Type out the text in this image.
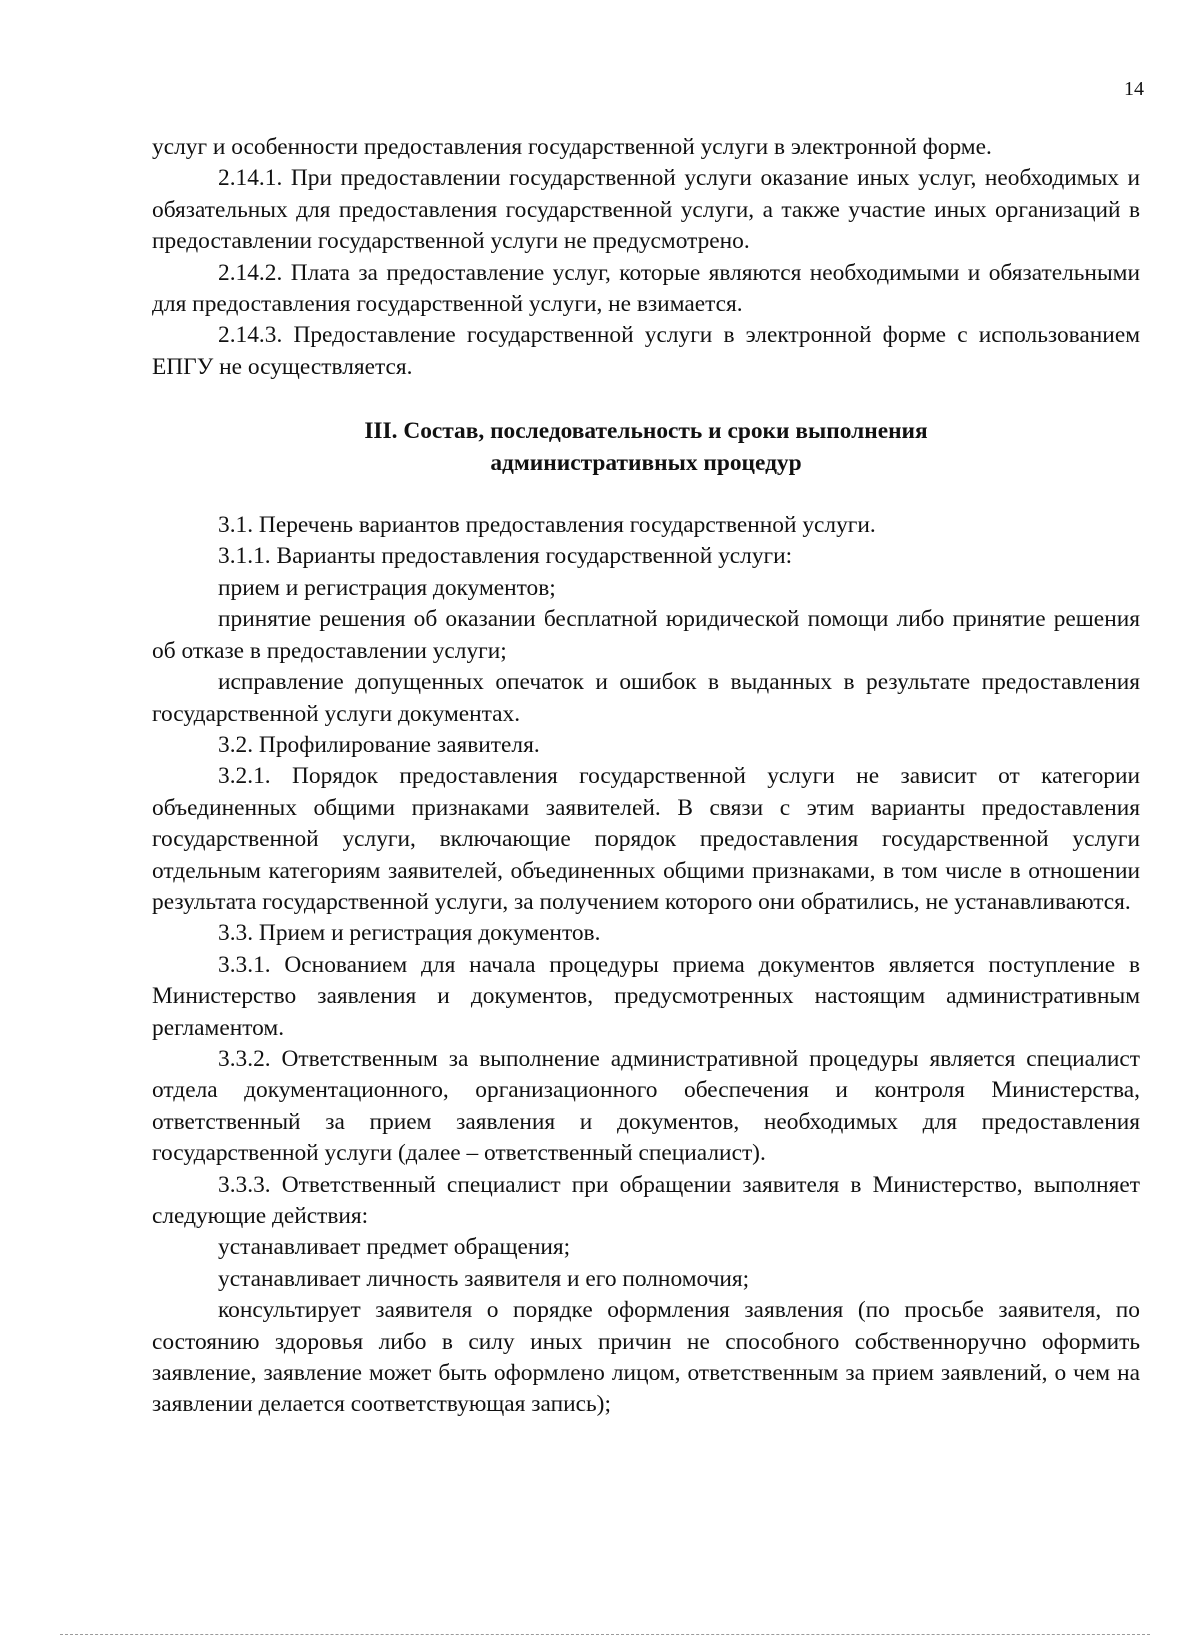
14

услуг и особенности предоставления государственной услуги в электронной форме.

2.14.1. При предоставлении государственной услуги оказание иных услуг, необходимых и обязательных для предоставления государственной услуги, а также участие иных организаций в предоставлении государственной услуги не предусмотрено.

2.14.2. Плата за предоставление услуг, которые являются необходимыми и обязательными для предоставления государственной услуги, не взимается.

2.14.3. Предоставление государственной услуги в электронной форме с использованием ЕПГУ не осуществляется.

III. Состав, последовательность и сроки выполнения
административных процедур

3.1. Перечень вариантов предоставления государственной услуги.

3.1.1. Варианты предоставления государственной услуги:

прием и регистрация документов;

принятие решения об оказании бесплатной юридической помощи либо принятие решения об отказе в предоставлении услуги;

исправление допущенных опечаток и ошибок в выданных в результате предоставления государственной услуги документах.

3.2. Профилирование заявителя.

3.2.1. Порядок предоставления государственной услуги не зависит от категории объединенных общими признаками заявителей. В связи с этим варианты предоставления государственной услуги, включающие порядок предоставления государственной услуги отдельным категориям заявителей, объединенных общими признаками, в том числе в отношении результата государственной услуги, за получением которого они обратились, не устанавливаются.

3.3. Прием и регистрация документов.

3.3.1. Основанием для начала процедуры приема документов является поступление в Министерство заявления и документов, предусмотренных настоящим административным регламентом.

3.3.2. Ответственным за выполнение административной процедуры является специалист отдела документационного, организационного обеспечения и контроля Министерства, ответственный за прием заявления и документов, необходимых для предоставления государственной услуги (далее – ответственный специалист).

3.3.3. Ответственный специалист при обращении заявителя в Министерство, выполняет следующие действия:

устанавливает предмет обращения;

устанавливает личность заявителя и его полномочия;

консультирует заявителя о порядке оформления заявления (по просьбе заявителя, по состоянию здоровья либо в силу иных причин не способного собственноручно оформить заявление, заявление может быть оформлено лицом, ответственным за прием заявлений, о чем на заявлении делается соответствующая запись);
